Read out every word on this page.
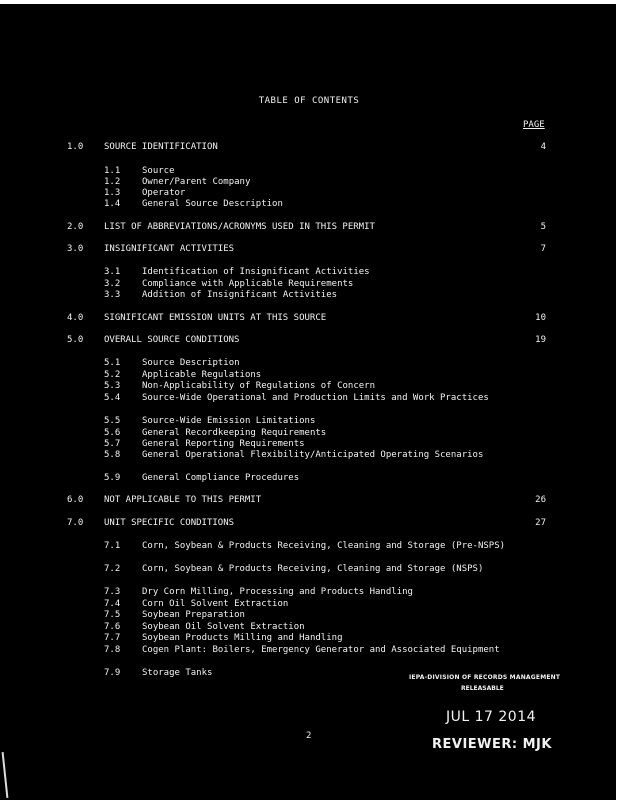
TABLE OF CONTENTS
PAGE
1.0 SOURCE IDENTIFICATION	4
1.1 Source
1.2 Owner/Parent Company
1.3 Operator
1.4 General Source Description
2.0 LIST OF ABBREVIATIONS/ACRONYMS USED IN THIS PERMIT	5
3.0 INSIGNIFICANT ACTIVITIES	7
3.1 Identification of Insignificant Activities
3.2 Compliance with Applicable Requirements
3.3 Addition of Insignificant Activities
4.0 SIGNIFICANT EMISSION UNITS AT THIS SOURCE	10
5.0 OVERALL SOURCE CONDITIONS	19
5.1 Source Description
5.2 Applicable Regulations
5.3 Non-Applicability of Regulations of Concern
5.4 Source-Wide Operational and Production Limits and Work Practices
5.5 Source-Wide Emission Limitations
5.6 General Recordkeeping Requirements
5.7 General Reporting Requirements
5.8 General Operational Flexibility/Anticipated Operating Scenarios
5.9 General Compliance Procedures
6.0 NOT APPLICABLE TO THIS PERMIT	26
7.0 UNIT SPECIFIC CONDITIONS	27
7.1 Corn, Soybean & Products Receiving, Cleaning and Storage (Pre-NSPS)
7.2 Corn, Soybean & Products Receiving, Cleaning and Storage (NSPS)
7.3 Dry Corn Milling, Processing and Products Handling
7.4 Corn Oil Solvent Extraction
7.5 Soybean Preparation
7.6 Soybean Oil Solvent Extraction
7.7 Soybean Products Milling and Handling
7.8 Cogen Plant: Boilers, Emergency Generator and Associated Equipment
7.9 Storage Tanks
2
IEPA-DIVISION OF RECORDS MANAGEMENT
RELEASABLE
JUL 17 2014
REVIEWER: MJK
